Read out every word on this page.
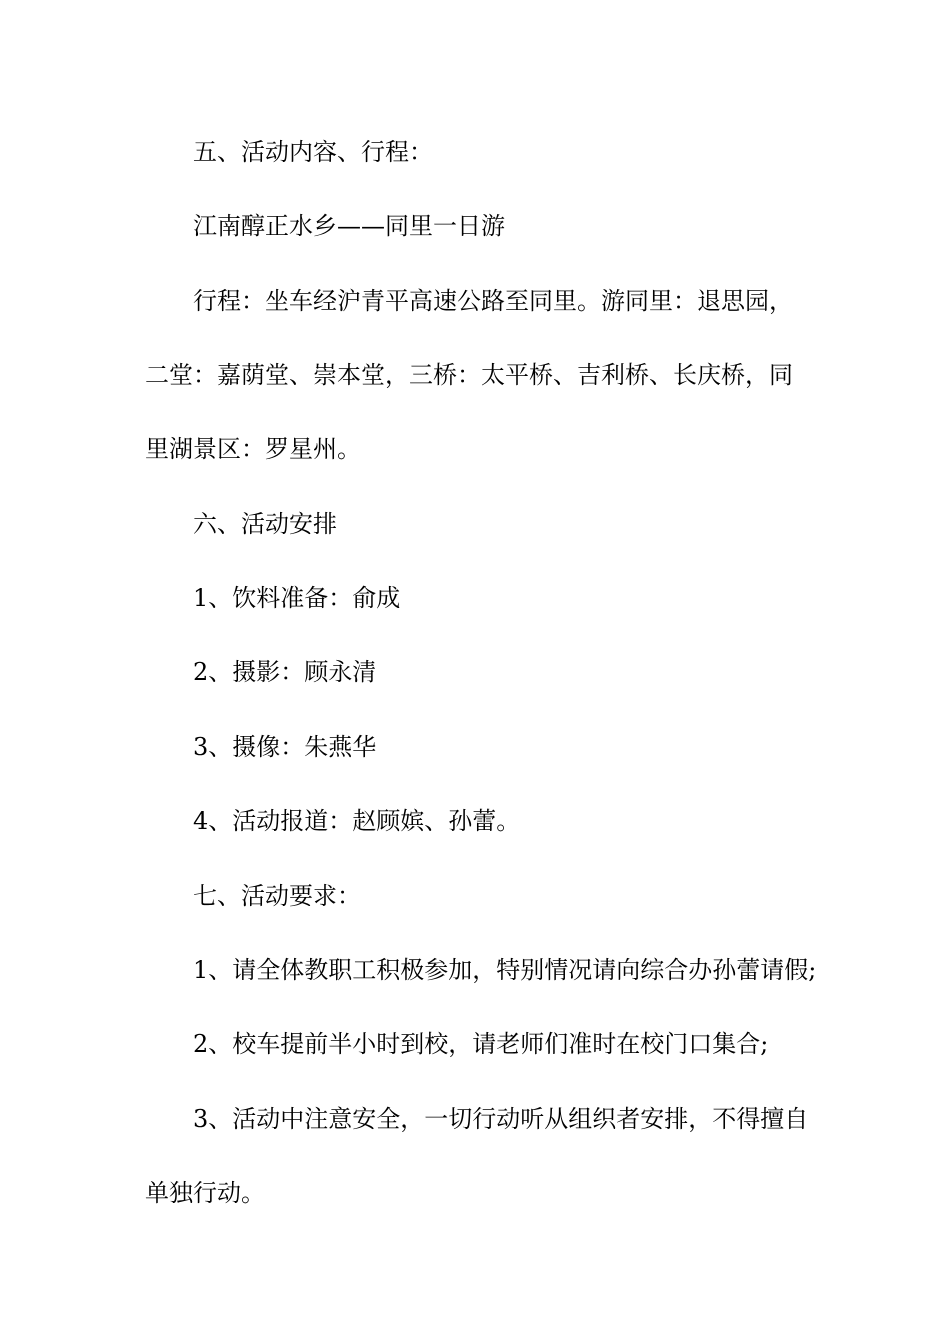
五、活动内容、行程：

江南醇正水乡——同里一日游

行程：坐车经沪青平高速公路至同里。游同里：退思园，

二堂：嘉荫堂、崇本堂，三桥：太平桥、吉利桥、长庆桥，同

里湖景区：罗星州。

六、活动安排

1、饮料准备：俞成

2、摄影：顾永清

3、摄像：朱燕华

4、活动报道：赵顾嫔、孙蕾。

七、活动要求：

1、请全体教职工积极参加，特别情况请向综合办孙蕾请假;

2、校车提前半小时到校，请老师们准时在校门口集合;

3、活动中注意安全，一切行动听从组织者安排，不得擅自

单独行动。
